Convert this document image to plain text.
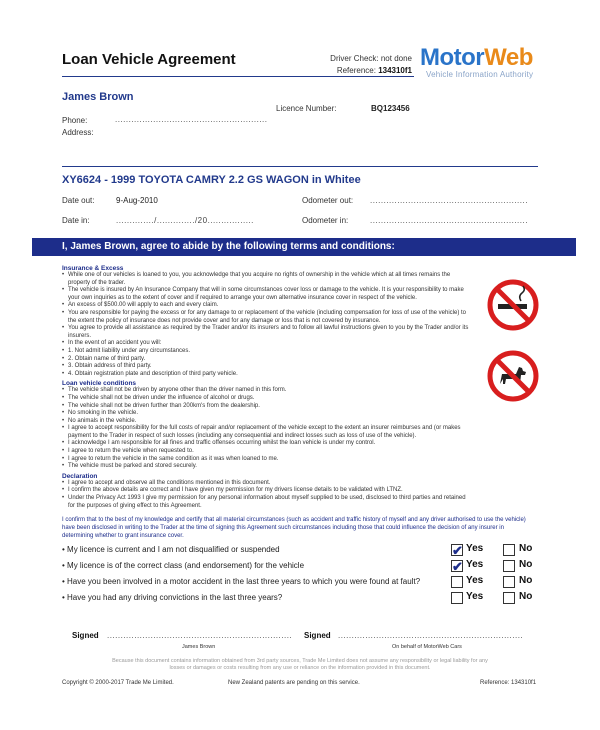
Loan Vehicle Agreement	Driver Check: not done
Reference: 134310f1 MotorWeb
Vehicle Information Authority
James Brown
Phone:	........................................................
Address:
Licence Number:	BQ123456
XY6624 - 1999 TOYOTA CAMRY 2.2 GS WAGON in Whitee
Date out:	9-Aug-2010
Date in:	............../............../20.................
Odometer out: ..........................................................
Odometer in:	..........................................................
I, James Brown, agree to abide by the following terms and conditions:
Insurance & Excess
• While one of our vehicles is loaned to you, you acknowledge that you acquire no rights of ownership in the vehicle which at all times remains the property of the trader.
• The vehicle is insured by An Insurance Company that will in some circumstances cover loss or damage to the vehicle. It is your responsibility to make your own inquiries as to the extent of cover and if required to arrange your own alternative insurance cover in respect of the vehicle.
• An excess of $500.00 will apply to each and every claim.
• You are responsible for paying the excess or for any damage to or replacement of the vehicle (including compensation for loss of use of the vehicle) to the extent the policy of insurance does not provide cover and for any damage or loss that is not covered by insurance.
• You agree to provide all assistance as required by the Trader and/or its insurers and to follow all lawful instructions given to you by the Trader and/or its insurers.
• In the event of an accident you will:
• 1. Not admit liability under any circumstances.
• 2. Obtain name of third party.
• 3. Obtain address of third party.
• 4. Obtain registration plate and description of third party vehicle.
Loan vehicle conditions
• The vehicle shall not be driven by anyone other than the driver named in this form.
• The vehicle shall not be driven under the influence of alcohol or drugs.
• The vehicle shall not be driven further than 200km's from the dealership.
• No smoking in the vehicle.
• No animals in the vehicle.
• I agree to accept responsibility for the full costs of repair and/or replacement of the vehicle except to the extent an insurer reimburses and (or makes payment to the Trader in respect of such losses (including any consequential and indirect losses such as loss of use of the vehicle).
• I acknowledge I am responsible for all fines and traffic offenses occurring whilst the loan vehicle is under my control.
• I agree to return the vehicle when requested to.
• I agree to return the vehicle in the same condition as it was when loaned to me.
• The vehicle must be parked and stored securely.
Declaration
• I agree to accept and observe all the conditions mentioned in this document.
• I confirm the above details are correct and I have given my permission for my drivers license details to be validated with LTNZ.
• Under the Privacy Act 1993 I give my permission for any personal information about myself supplied to be used, disclosed to third parties and retained for the purposes of giving effect to this Agreement.
I confirm that to the best of my knowledge and certify that all material circumstances (such as accident and traffic history of myself and any driver authorised to use the vehicle) have been disclosed in writing to the Trader at the time of signing this Agreement such circumstances including those that could influence the decision of any insurer in determining whether to grant insurance cover.
• My licence is current and I am not disqualified or suspended	✔ Yes	No
• My licence is of the correct class (and endorsement) for the vehicle	✔ Yes	No
• Have you been involved in a motor accident in the last three years to which you were found at fault?	Yes	No
• Have you had any driving convictions in the last three years?	Yes	No
Signed ....................................................................
James Brown
Signed ....................................................................
On behalf of MotorWeb Cars
Because this document contains information obtained from 3rd party sources, Trade Me Limited does not assume any responsibility or legal liability for any losses or damages or costs resulting from any use or reliance on the information provided in this document.
Copyright © 2000-2017 Trade Me Limited.	New Zealand patents are pending on this service.	Reference: 134310f1
